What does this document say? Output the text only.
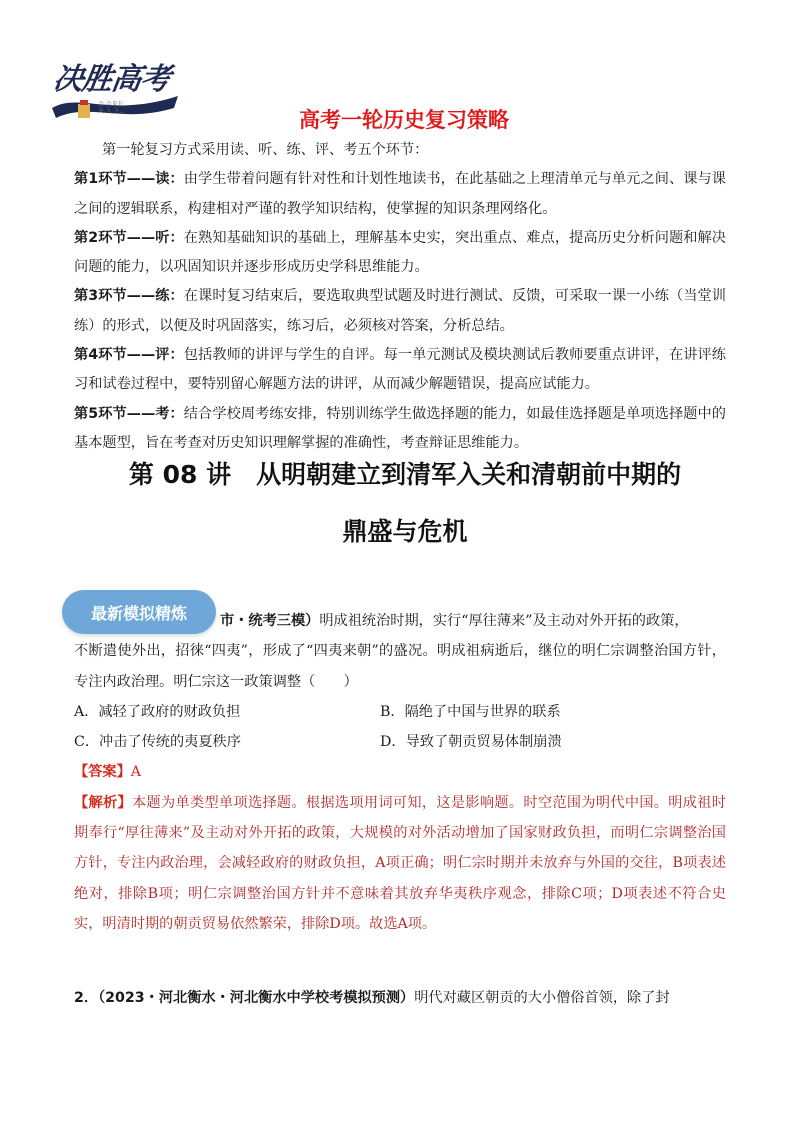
决胜高考
金 金来长...
天 入 上...	高考一轮历史复习策略

第一轮复习方式采用读、听、练、评、考五个环节：

第1环节——读：由学生带着问题有针对性和计划性地读书，在此基础之上理清单元与单元之间、课与课之间的逻辑联系，构建相对严谨的教学知识结构，使掌握的知识条理网络化。

第2环节——听：在熟知基础知识的基础上，理解基本史实，突出重点、难点，提高历史分析问题和解决问题的能力，以巩固知识并逐步形成历史学科思维能力。

第3环节——练：在课时复习结束后，要选取典型试题及时进行测试、反馈，可采取一课一小练（当堂训练）的形式，以便及时巩固落实，练习后，必须核对答案，分析总结。

第4环节——评：包括教师的讲评与学生的自评。每一单元测试及模块测试后教师要重点讲评，在讲评练习和试卷过程中，要特别留心解题方法的讲评，从而减少解题错误，提高应试能力。

第5环节——考：结合学校周考练安排，特别训练学生做选择题的能力，如最佳选择题是单项选择题中的基本题型，旨在考查对历史知识理解掌握的准确性，考查辩证思维能力。

第 08 讲　从明朝建立到清军入关和清朝前中期的
鼎盛与危机
市・统考三模）明成祖统治时期，实行“厚往薄来”及主动对外开拓的政策，
不断遣使外出，招徕“四夷”，形成了“四夷来朝”的盛况。明成祖病逝后，继位的明仁宗调整治国方针，专注内政治理。明仁宗这一政策调整（　　）
A．减轻了政府的财政负担	B．隔绝了中国与世界的联系
C．冲击了传统的夷夏秩序	D．导致了朝贡贸易体制崩溃
【答案】A
【解析】本题为单类型单项选择题。根据选项用词可知，这是影响题。时空范围为明代中国。明成祖时期奉行“厚往薄来”及主动对外开拓的政策，大规模的对外活动增加了国家财政负担，而明仁宗调整治国方针，专注内政治理，会减轻政府的财政负担，A项正确；明仁宗时期并未放弃与外国的交往，B项表述绝对，排除B项；明仁宗调整治国方针并不意味着其放弃华夷秩序观念，排除C项；D项表述不符合史实，明清时期的朝贡贸易依然繁荣，排除D项。故选A项。
最新模拟精炼
2．（2023・河北衡水・河北衡水中学校考模拟预测）明代对藏区朝贡的大小僧俗首领，除了封
